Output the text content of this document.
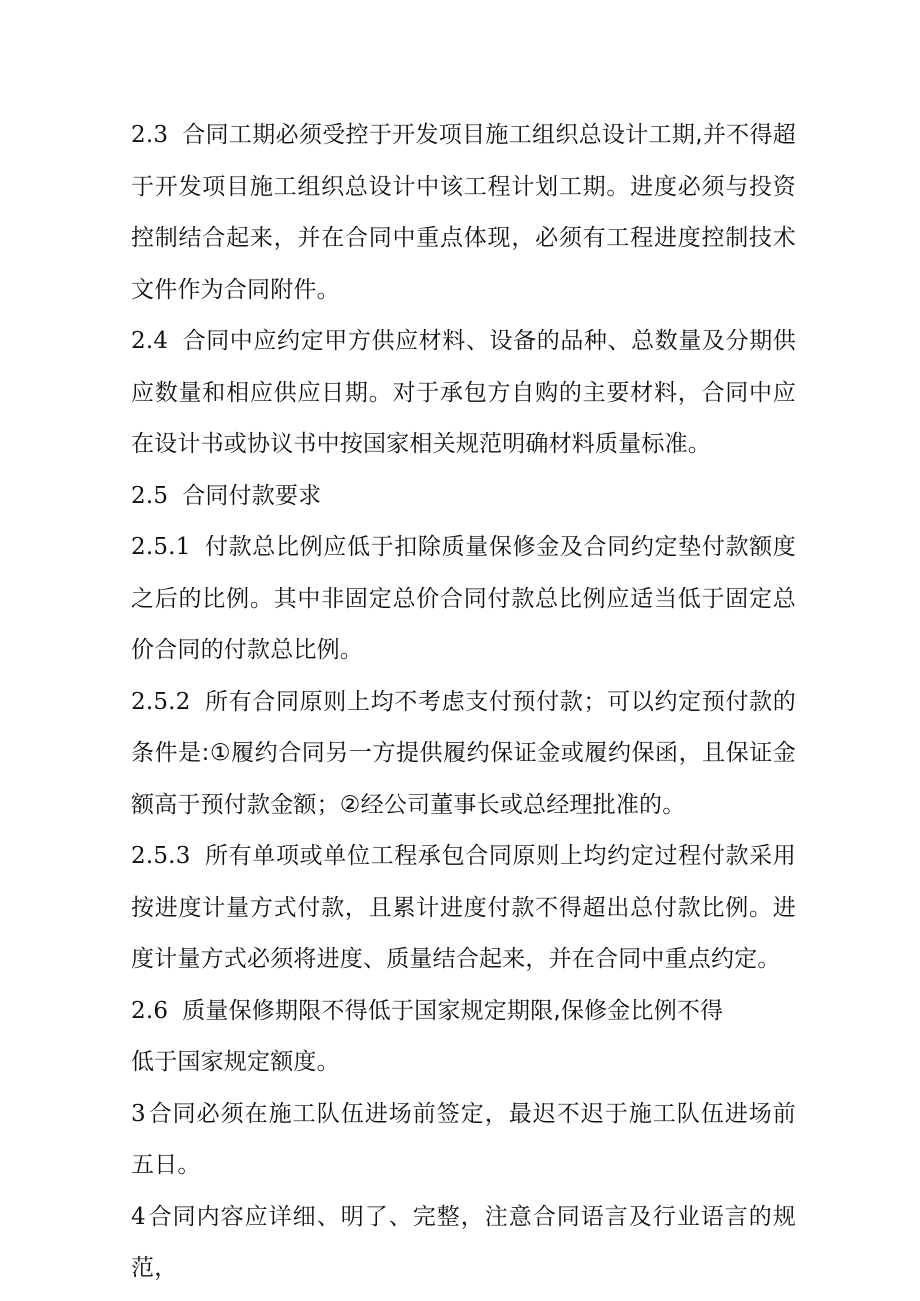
2.3 合同工期必须受控于开发项目施工组织总设计工期,并不得超于开发项目施工组织总设计中该工程计划工期。进度必须与投资控制结合起来，并在合同中重点体现，必须有工程进度控制技术文件作为合同附件。

2.4 合同中应约定甲方供应材料、设备的品种、总数量及分期供应数量和相应供应日期。对于承包方自购的主要材料，合同中应在设计书或协议书中按国家相关规范明确材料质量标准。

2.5 合同付款要求

2.5.1 付款总比例应低于扣除质量保修金及合同约定垫付款额度之后的比例。其中非固定总价合同付款总比例应适当低于固定总价合同的付款总比例。

2.5.2 所有合同原则上均不考虑支付预付款；可以约定预付款的条件是:①履约合同另一方提供履约保证金或履约保函，且保证金额高于预付款金额；②经公司董事长或总经理批准的。

2.5.3 所有单项或单位工程承包合同原则上均约定过程付款采用按进度计量方式付款，且累计进度付款不得超出总付款比例。进度计量方式必须将进度、质量结合起来，并在合同中重点约定。

2.6 质量保修期限不得低于国家规定期限,保修金比例不得

低于国家规定额度。

3合同必须在施工队伍进场前签定，最迟不迟于施工队伍进场前五日。

4合同内容应详细、明了、完整，注意合同语言及行业语言的规范，
